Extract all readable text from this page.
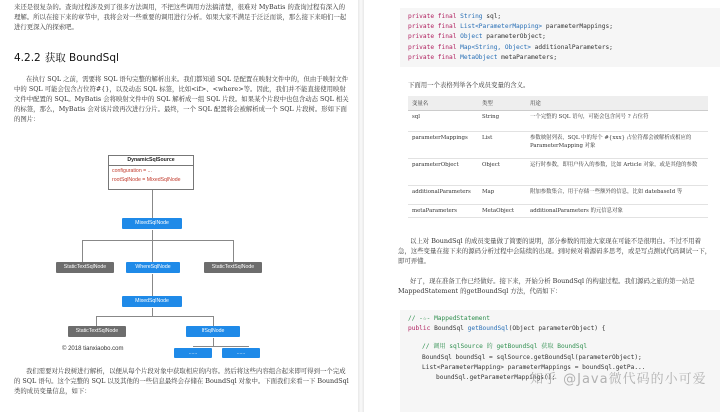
来还是很复杂的。查询过程涉及到了很多方法调用，不把这些调用方法搞清楚，很难对 MyBatis 的查询过程有深入的理解。所以在接下来的章节中，我将会对一些重要的调用进行分析。如果大家不满足于泛泛而谈，那么接下来咱们一起进行更深入的探索吧。

4.2.2 获取 BoundSql

在执行 SQL 之前，需要将 SQL 语句完整的解析出来。我们都知道 SQL 是配置在映射文件中的，但由于映射文件中的 SQL 可能会包含占位符#{}，以及动态 SQL 标签，比如<if>、<where>等。因此，我们并不能直接使用映射文件中配置的 SQL。MyBatis 会将映射文件中的 SQL 解析成一组 SQL 片段。如果某个片段中也包含动态 SQL 相关的标签，那么，MyBatis 会对该片段再次进行分片。最终，一个 SQL 配置将会被解析成一个 SQL 片段树。形如下面的图片：

DynamicSqlSource
configuration = ...
rootSqlNode = MixedSqlNode
MixedSqlNode
StaticTextSqlNode	WhereSqlNode	StaticTextSqlNode
MixedSqlNode
StaticTextSqlNode	IfSqlNode
......	......
© 2018 tianxiaobo.com

我们需要对片段树进行解析，以便从每个片段对象中获取相应的内容。然后将这些内容组合起来即可得到一个完成的 SQL 语句。这个完整的 SQL 以及其他的一些信息最终会存储在 BoundSql 对象中。下面我们来看一下 BoundSql 类的成员变量信息，如下：

private final String sql;
private final List<ParameterMapping> parameterMappings;
private final Object parameterObject;
private final Map<String, Object> additionalParameters;
private final MetaObject metaParameters;

下面用一个表格列举各个成员变量的含义。

变量名	类型	用途
sql	String	一个完整的 SQL 语句，可能会包含问号 ? 占位符
parameterMappings	List	参数映射列表，SQL 中的每个 #{xxx} 占位符都会被解析成相应的 ParameterMapping 对象
parameterObject	Object	运行时参数，即用户传入的参数，比如 Article 对象，或是其他的参数
additionalParameters	Map	附加参数集合，用于存储一些额外的信息，比如 datebaseId 等
metaParameters	MetaObject	additionalParameters 的元信息对象

以上对 BoundSql 的成员变量做了简要的说明，部分参数的用途大家现在可能不是很明白。不过不用着急，这些变量在接下来的源码分析过程中会陆续的出现。到时候对着源码多思考，或是写点测试代码调试一下，即可弄懂。

好了，现在准备工作已经做好。接下来，开始分析 BoundSql 的构建过程。我们源码之旅的第一站是 MappedStatement 的getBoundSql 方法，代码如下：

// -☆- MappedStatement
public BoundSql getBoundSql(Object parameterObject) {
// 调用 sqlSource 的 getBoundSql 获取 BoundSql
BoundSql boundSql = sqlSource.getBoundSql(parameterObject);
List<ParameterMapping> parameterMappings = boundSql.getPa...
boundSql.getParameterMappings();
知乎 @Java微代码的小可爱
